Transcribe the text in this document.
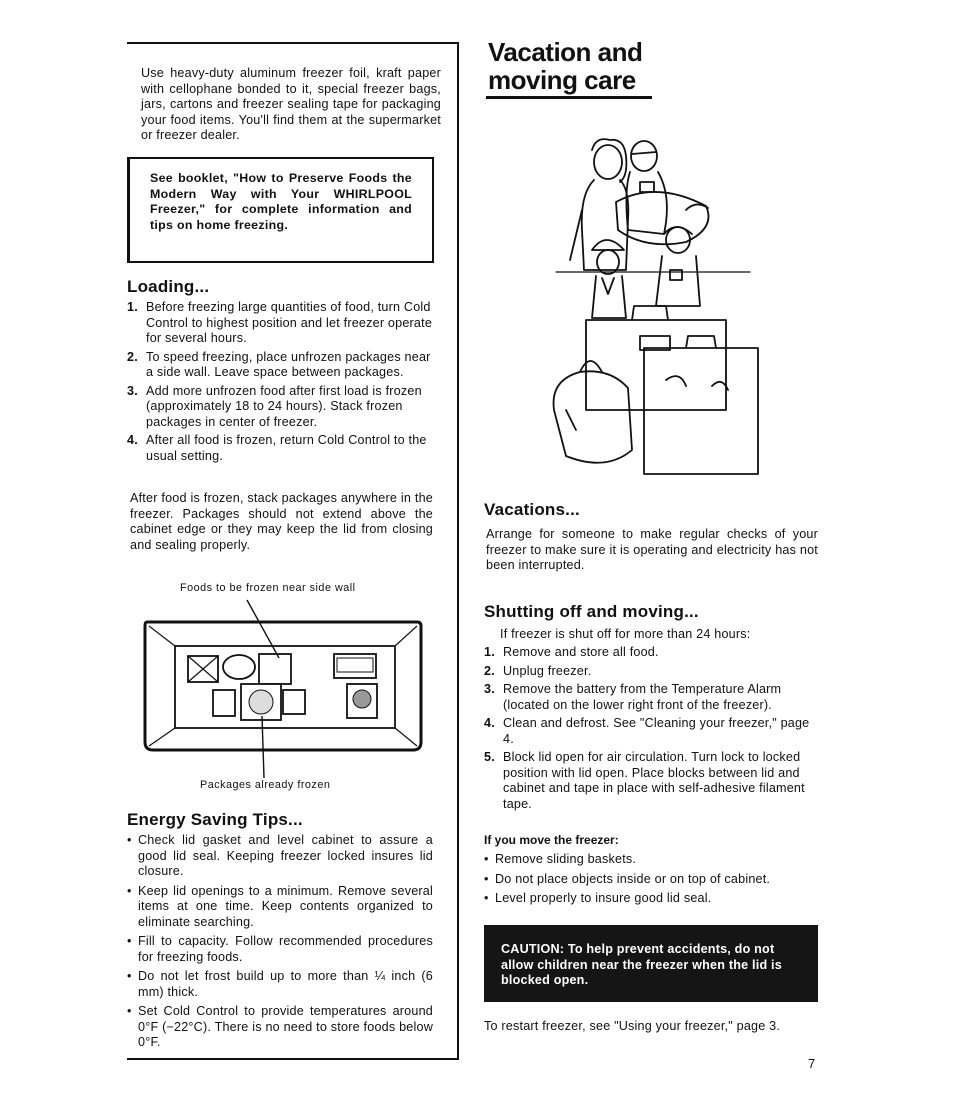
Use heavy-duty aluminum freezer foil, kraft paper with cellophane bonded to it, special freezer bags, jars, cartons and freezer sealing tape for packaging your food items. You'll find them at the supermarket or freezer dealer.

See booklet, "How to Preserve Foods the Modern Way with Your WHIRLPOOL Freezer," for complete information and tips on home freezing.
Loading...
1. Before freezing large quantities of food, turn Cold Control to highest position and let freezer operate for several hours.
2. To speed freezing, place unfrozen packages near a side wall. Leave space between packages.
3. Add more unfrozen food after first load is frozen (approximately 18 to 24 hours). Stack frozen packages in center of freezer.
4. After all food is frozen, return Cold Control to the usual setting.

After food is frozen, stack packages anywhere in the freezer. Packages should not extend above the cabinet edge or they may keep the lid from closing and sealing properly.

Foods to be frozen near side wall
Packages already frozen
Energy Saving Tips...
• Check lid gasket and level cabinet to assure a good lid seal. Keeping freezer locked insures lid closure.
• Keep lid openings to a minimum. Remove several items at one time. Keep contents organized to eliminate searching.
• Fill to capacity. Follow recommended procedures for freezing foods.
• Do not let frost build up to more than ¼ inch (6 mm) thick.
• Set Cold Control to provide temperatures around 0°F (−22°C). There is no need to store foods below 0°F.
Vacation and
moving care
Vacations...

Arrange for someone to make regular checks of your freezer to make sure it is operating and electricity has not been interrupted.

Shutting off and moving...

If freezer is shut off for more than 24 hours:

1. Remove and store all food.
2. Unplug freezer.
3. Remove the battery from the Temperature Alarm (located on the lower right front of the freezer).
4. Clean and defrost. See "Cleaning your freezer," page 4.
5. Block lid open for air circulation. Turn lock to locked position with lid open. Place blocks between lid and cabinet and tape in place with self-adhesive filament tape.
If you move the freezer:
• Remove sliding baskets.
• Do not place objects inside or on top of cabinet.
• Level properly to insure good lid seal.
CAUTION: To help prevent accidents, do not allow children near the freezer when the lid is blocked open.

To restart freezer, see "Using your freezer," page 3.

7
